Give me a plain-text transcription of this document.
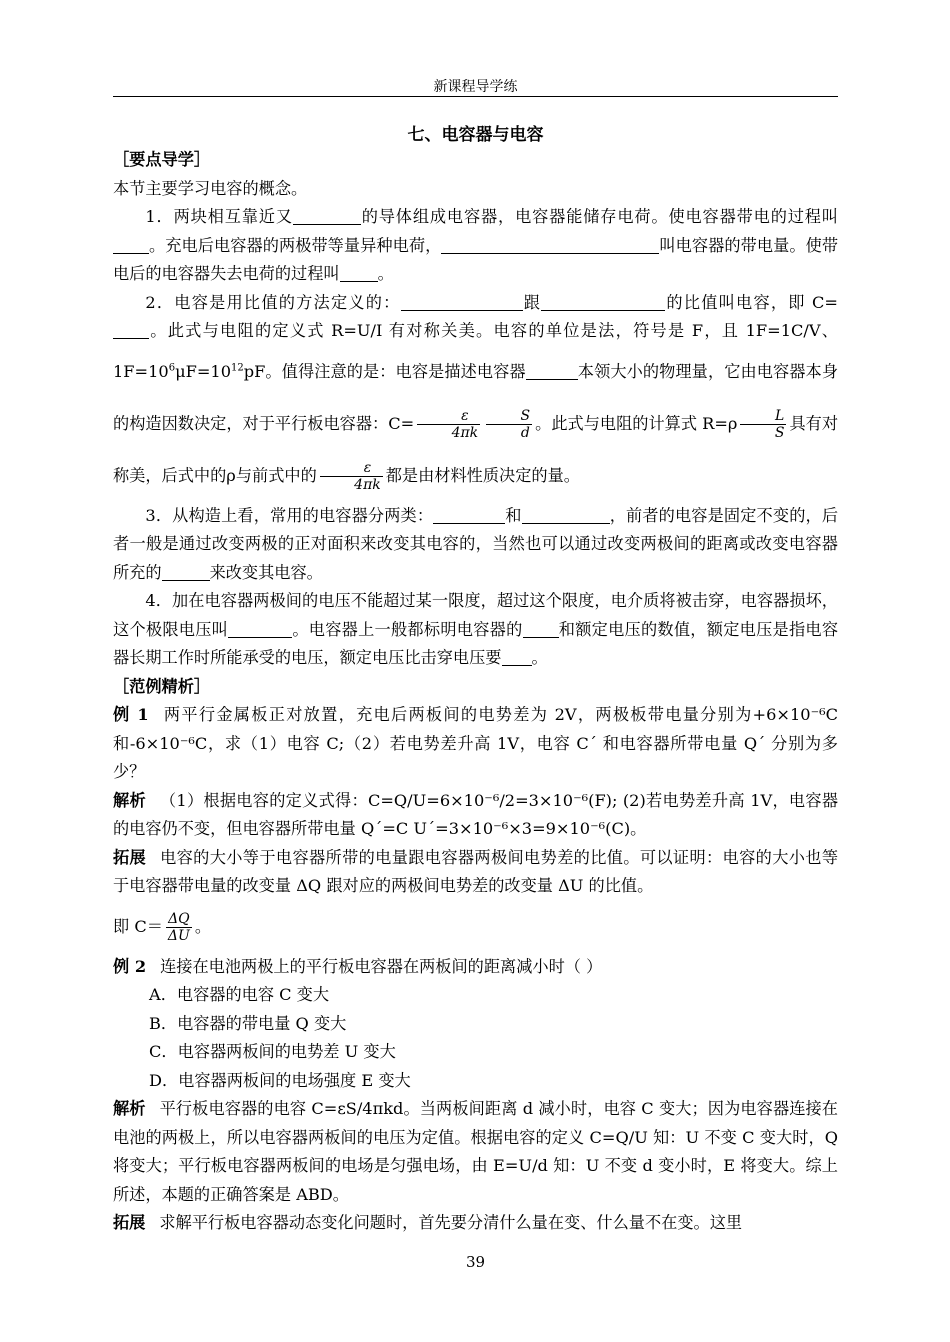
新课程导学练
七、电容器与电容

［要点导学］

本节主要学习电容的概念。

1．两块相互靠近又	的导体组成电容器，电容器能储存电荷。使电容器带电的过程叫。充电后电容器的两极带等量异种电荷，	叫电容器的带电量。使带电后的电容器失去电荷的过程叫 。

2．电容是用比值的方法定义的：	跟	的比值叫电容，即 C=。此式与电阻的定义式 R=U/I 有对称关美。电容的单位是法，符号是 F，且 1F=1C/V、$1F=10^6\mu F=10^{12}pF$。值得注意的是：电容是描述电容器	本领大小的物理量，它由电容器本身的构造因数决定，对于平行板电容器：$C= \frac{\varepsilon}{4\pi k} \frac{S}{d}$ 。此式与电阻的计算式 $R=\rho \frac{L}{S}$ 具有对称美，后式中的ρ与前式中的 $\frac{\varepsilon}{4\pi k}$ 都是由材料性质决定的量。

3．从构造上看，常用的电容器分两类：	和	，前者的电容是固定不变的，后者一般是通过改变两极的正对面积来改变其电容的，当然也可以通过改变两极间的距离或改变电容器所充的	来改变其电容。

4．加在电容器两极间的电压不能超过某一限度，超过这个限度，电介质将被击穿，电容器损坏，这个极限电压叫	。电容器上一般都标明电容器的 和额定电压的数值，额定电压是指电容器长期工作时所能承受的电压，额定电压比击穿电压要 。

［范例精析］

例 1 两平行金属板正对放置，充电后两板间的电势差为 2V，两极板带电量分别为+6×10⁻⁶C 和-6×10⁻⁶C，求（1）电容 C;（2）若电势差升高 1V，电容 C´ 和电容器所带电量 Q´ 分别为多少？

解析 （1）根据电容的定义式得：C=Q/U=6×10⁻⁶/2=3×10⁻⁶(F); (2)若电势差升高 1V，电容器的电容仍不变，但电容器所带电量 Q´=C U´=3×10⁻⁶×3=9×10⁻⁶(C)。

拓展 电容的大小等于电容器所带的电量跟电容器两极间电势差的比值。可以证明：电容的大小也等于电容器带电量的改变量 ΔQ 跟对应的两极间电势差的改变量 ΔU 的比值。

即 $C= \frac{\Delta Q}{\Delta U}$ 。

例 2 连接在电池两极上的平行板电容器在两板间的距离减小时（ ）

A．电容器的电容 C 变大

B．电容器的带电量 Q 变大

C．电容器两板间的电势差 U 变大

D．电容器两板间的电场强度 E 变大

解析 平行板电容器的电容 C=εS/4πkd。当两板间距离 d 减小时，电容 C 变大；因为电容器连接在电池的两极上，所以电容器两板间的电压为定值。根据电容的定义 C=Q/U 知：U 不变 C 变大时，Q 将变大；平行板电容器两板间的电场是匀强电场，由 E=U/d 知：U 不变 d 变小时，E 将变大。综上所述，本题的正确答案是 ABD。

拓展 求解平行板电容器动态变化问题时，首先要分清什么量在变、什么量不在变。这里

39
